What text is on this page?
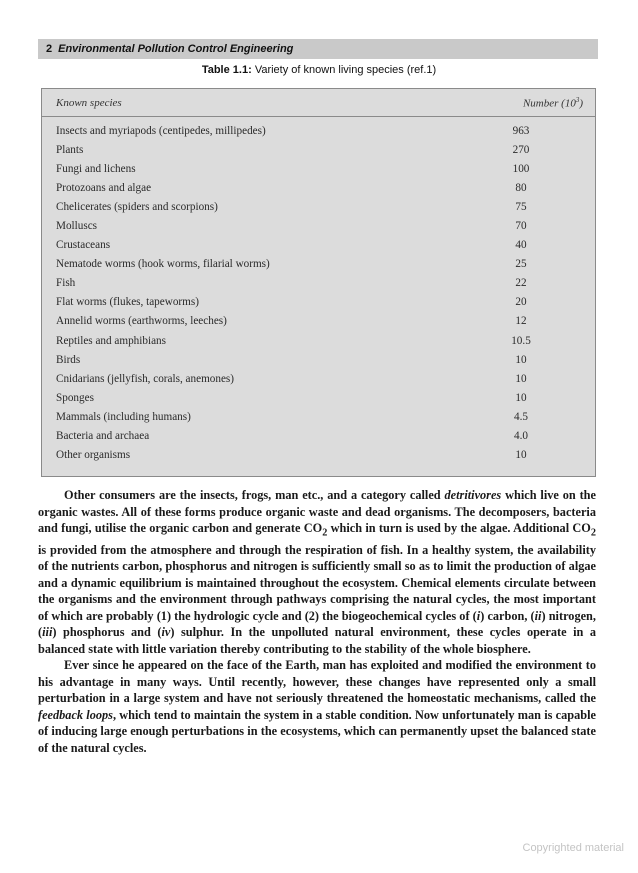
2 Environmental Pollution Control Engineering
Table 1.1: Variety of known living species (ref.1)
Known species	Number $(10^3)$
Insects and myriapods (centipedes, millipedes)	963
Plants	270
Fungi and lichens	100
Protozoans and algae	80
Chelicerates (spiders and scorpions)	75
Molluscs	70
Crustaceans	40
Nematode worms (hook worms, filarial worms)	25
Fish	22
Flat worms (flukes, tapeworms)	20
Annelid worms (earthworms, leeches)	12
Reptiles and amphibians	10.5
Birds	10
Cnidarians (jellyfish, corals, anemones)	10
Sponges	10
Mammals (including humans)	4.5
Bacteria and archaea	4.0
Other organisms	10

Other consumers are the insects, frogs, man etc., and a category called detritivores which live on the organic wastes. All of these forms produce organic waste and dead organisms. The decomposers, bacteria and fungi, utilise the organic carbon and generate $CO_2$ which in turn is used by the algae. Additional $CO_2$ is provided from the atmosphere and through the respiration of fish. In a healthy system, the availability of the nutrients carbon, phosphorus and nitrogen is sufficiently small so as to limit the production of algae and a dynamic equilibrium is maintained throughout the ecosystem. Chemical elements circulate between the organisms and the environment through pathways comprising the natural cycles, the most important of which are probably (1) the hydrologic cycle and (2) the biogeochemical cycles of (i) carbon, (ii) nitrogen, (iii) phosphorus and (iv) sulphur. In the unpolluted natural environment, these cycles operate in a balanced state with little variation thereby contributing to the stability of the whole biosphere.

Ever since he appeared on the face of the Earth, man has exploited and modified the environment to his advantage in many ways. Until recently, however, these changes have represented only a small perturbation in a large system and have not seriously threatened the homeostatic mechanisms, called the feedback loops, which tend to maintain the system in a stable condition. Now unfortunately man is capable of inducing large enough perturbations in the ecosystems, which can permanently upset the balanced state of the natural cycles.

Copyrighted material
